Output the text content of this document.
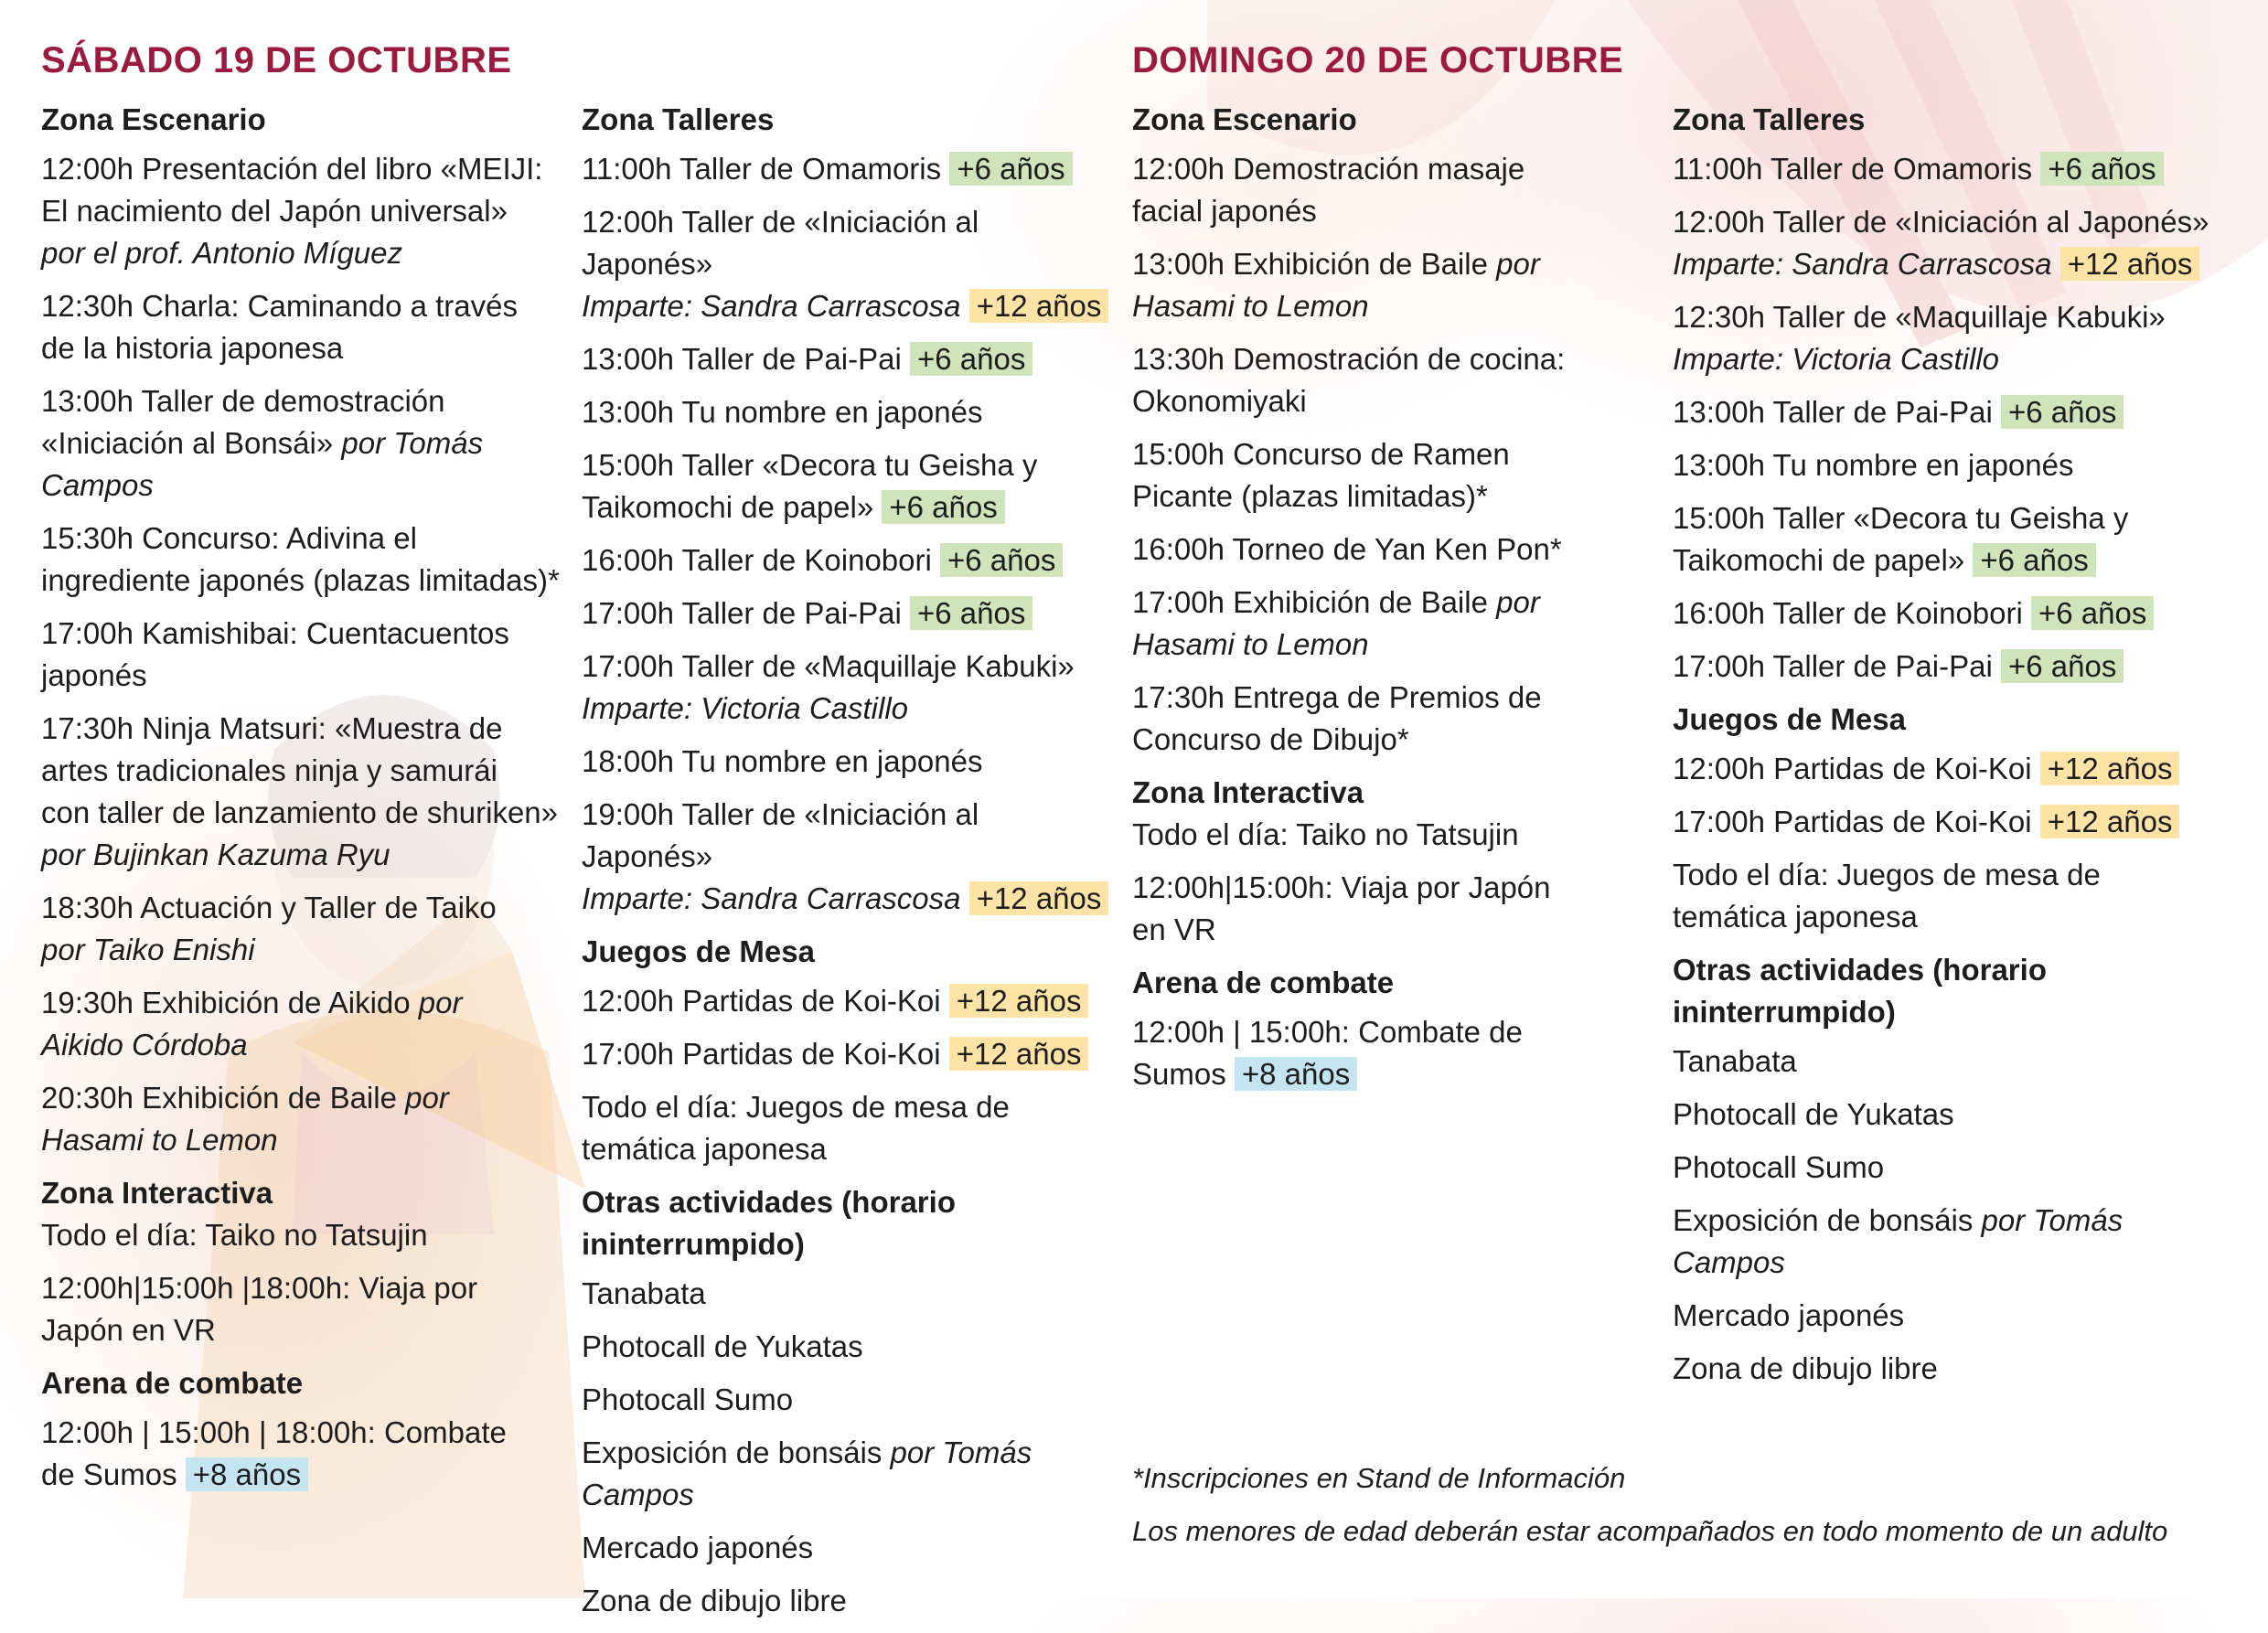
SÁBADO 19 DE OCTUBRE	DOMINGO 20 DE OCTUBRE
Zona Escenario
12:00h Presentación del libro «MEIJI:
El nacimiento del Japón universal»
por el prof. Antonio Míguez
12:30h Charla: Caminando a través
de la historia japonesa
13:00h Taller de demostración
«Iniciación al Bonsái» por Tomás
Campos
15:30h Concurso: Adivina el
ingrediente japonés (plazas limitadas)*
17:00h Kamishibai: Cuentacuentos
japonés
17:30h Ninja Matsuri: «Muestra de
artes tradicionales ninja y samurái
con taller de lanzamiento de shuriken»
por Bujinkan Kazuma Ryu
18:30h Actuación y Taller de Taiko
por Taiko Enishi
19:30h Exhibición de Aikido por
Aikido Córdoba
20:30h Exhibición de Baile por
Hasami to Lemon
Zona Interactiva
Todo el día: Taiko no Tatsujin
12:00h|15:00h |18:00h: Viaja por
Japón en VR
Arena de combate
12:00h | 15:00h | 18:00h: Combate
de Sumos +8 años
Zona Talleres
11:00h Taller de Omamoris +6 años
12:00h Taller de «Iniciación al Japonés»
Imparte: Sandra Carrascosa +12 años
13:00h Taller de Pai-Pai +6 años
13:00h Tu nombre en japonés
15:00h Taller «Decora tu Geisha y
Taikomochi de papel» +6 años
16:00h Taller de Koinobori +6 años
17:00h Taller de Pai-Pai +6 años
17:00h Taller de «Maquillaje Kabuki»
Imparte: Victoria Castillo
18:00h Tu nombre en japonés
19:00h Taller de «Iniciación al Japonés»
Imparte: Sandra Carrascosa +12 años
Juegos de Mesa
12:00h Partidas de Koi-Koi +12 años
17:00h Partidas de Koi-Koi +12 años
Todo el día: Juegos de mesa de
temática japonesa
Otras actividades (horario
ininterrumpido)
Tanabata
Photocall de Yukatas
Photocall Sumo
Exposición de bonsáis por Tomás
Campos
Mercado japonés
Zona de dibujo libre
Zona Escenario
12:00h Demostración masaje
facial japonés
13:00h Exhibición de Baile por
Hasami to Lemon
13:30h Demostración de cocina:
Okonomiyaki
15:00h Concurso de Ramen
Picante (plazas limitadas)*
16:00h Torneo de Yan Ken Pon*
17:00h Exhibición de Baile por
Hasami to Lemon
17:30h Entrega de Premios de
Concurso de Dibujo*
Zona Interactiva
Todo el día: Taiko no Tatsujin
12:00h|15:00h: Viaja por Japón
en VR
Arena de combate
12:00h | 15:00h: Combate de
Sumos +8 años
Zona Talleres
11:00h Taller de Omamoris +6 años
12:00h Taller de «Iniciación al Japonés»
Imparte: Sandra Carrascosa +12 años
12:30h Taller de «Maquillaje Kabuki»
Imparte: Victoria Castillo
13:00h Taller de Pai-Pai +6 años
13:00h Tu nombre en japonés
15:00h Taller «Decora tu Geisha y
Taikomochi de papel» +6 años
16:00h Taller de Koinobori +6 años
17:00h Taller de Pai-Pai +6 años
Juegos de Mesa
12:00h Partidas de Koi-Koi +12 años
17:00h Partidas de Koi-Koi +12 años
Todo el día: Juegos de mesa de
temática japonesa
Otras actividades (horario
ininterrumpido)
Tanabata
Photocall de Yukatas
Photocall Sumo
Exposición de bonsáis por Tomás
Campos
Mercado japonés
Zona de dibujo libre
*Inscripciones en Stand de Información
Los menores de edad deberán estar acompañados en todo momento de un adulto
